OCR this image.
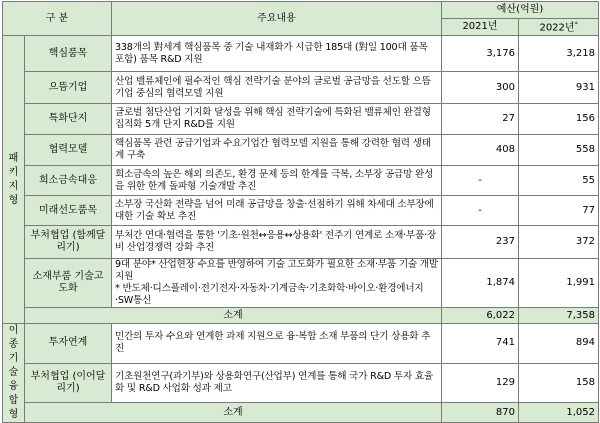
구 분		주요내용	예산(억원)	
			2021년	2022년*

패키지형	핵심품목	338개의 對세계 핵심품목 중 기술 내재화가 시급한 185대 (對일 100대 품목 포함) 품목 R&D 지원	3,176	3,218
	으뜸기업	산업 밸류체인에 필수적인 핵심 전략기술 분야의 글로벌 공급망을 선도할 으뜸기업 중심의 협력모델 지원	300	931
	특화단지	글로벌 첨단산업 기지화 달성을 위해 핵심 전략기술에 특화된 밸류체인 완결형 집적화 5개 단지 R&D를 지원	27	156
	협력모델	핵심품목 관련 공급기업과 수요기업간 협력모델 지원을 통해 강력한 협력 생태계 구축	408	558
	희소금속대응	희소금속의 높은 해외 의존도, 환경 문제 등의 한계를 극복, 소부장 공급망 완성을 위한 한계 돌파형 기술개발 추진	-	55
	미래선도품목	소부장 국산화 전략을 넘어 미래 공급망을 창출·선점하기 위해 차세대 소부장에 대한 기술 확보 추진	-	77
	부처협업 (함께달리기)	부처간 연대·협력을 통한 '기초·원천↔응용↔상용화' 전주기 연계로 소재·부품·장비 산업경쟁력 강화 추진	237	372
	소재부품 기술고도화	9대 분야* 산업현장 수요를 반영하여 기술 고도화가 필요한 소재·부품 기술 개발 지원
* 반도체·디스플레이·전기전자·자동차·기계금속·기초화학·바이오·환경에너지·SW통신	1,874	1,991
	소계		6,022	7,358

이종기술융합형	투자연계	민간의 투자 수요와 연계한 과제 지원으로 융·복합 소재 부품의 단기 상용화 추진	741	894
	부처협업 (이어달리기)	기초원천연구(과기부)와 상용화연구(산업부) 연계를 통해 국가 R&D 투자 효율화 및 R&D 사업화 성과 제고	129	158
	소계		870	1,052
